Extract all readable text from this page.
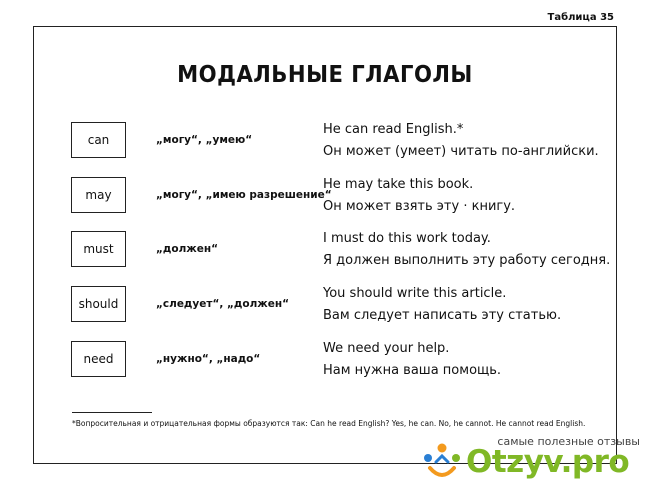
Таблица 35
МОДАЛЬНЫЕ ГЛАГОЛЫ
can	„могу“, „умею“
He can read English.*
Он может (умеет) читать по-английски.
may	„могу“, „имею разрешение“
He may take this book.
Он может взять эту · книгу.
must	„должен“
I must do this work today.
Я должен выполнить эту работу сегодня.
should	„следует“, „должен“
You should write this article.
Вам следует написать эту статью.
need	„нужно“, „надо“
We need your help.
Нам нужна ваша помощь.
*Вопросительная и отрицательная формы образуются так: Can he read English? Yes, he can. No, he cannot. He cannot read English.
самые полезные отзывы
Otzyv.pro
